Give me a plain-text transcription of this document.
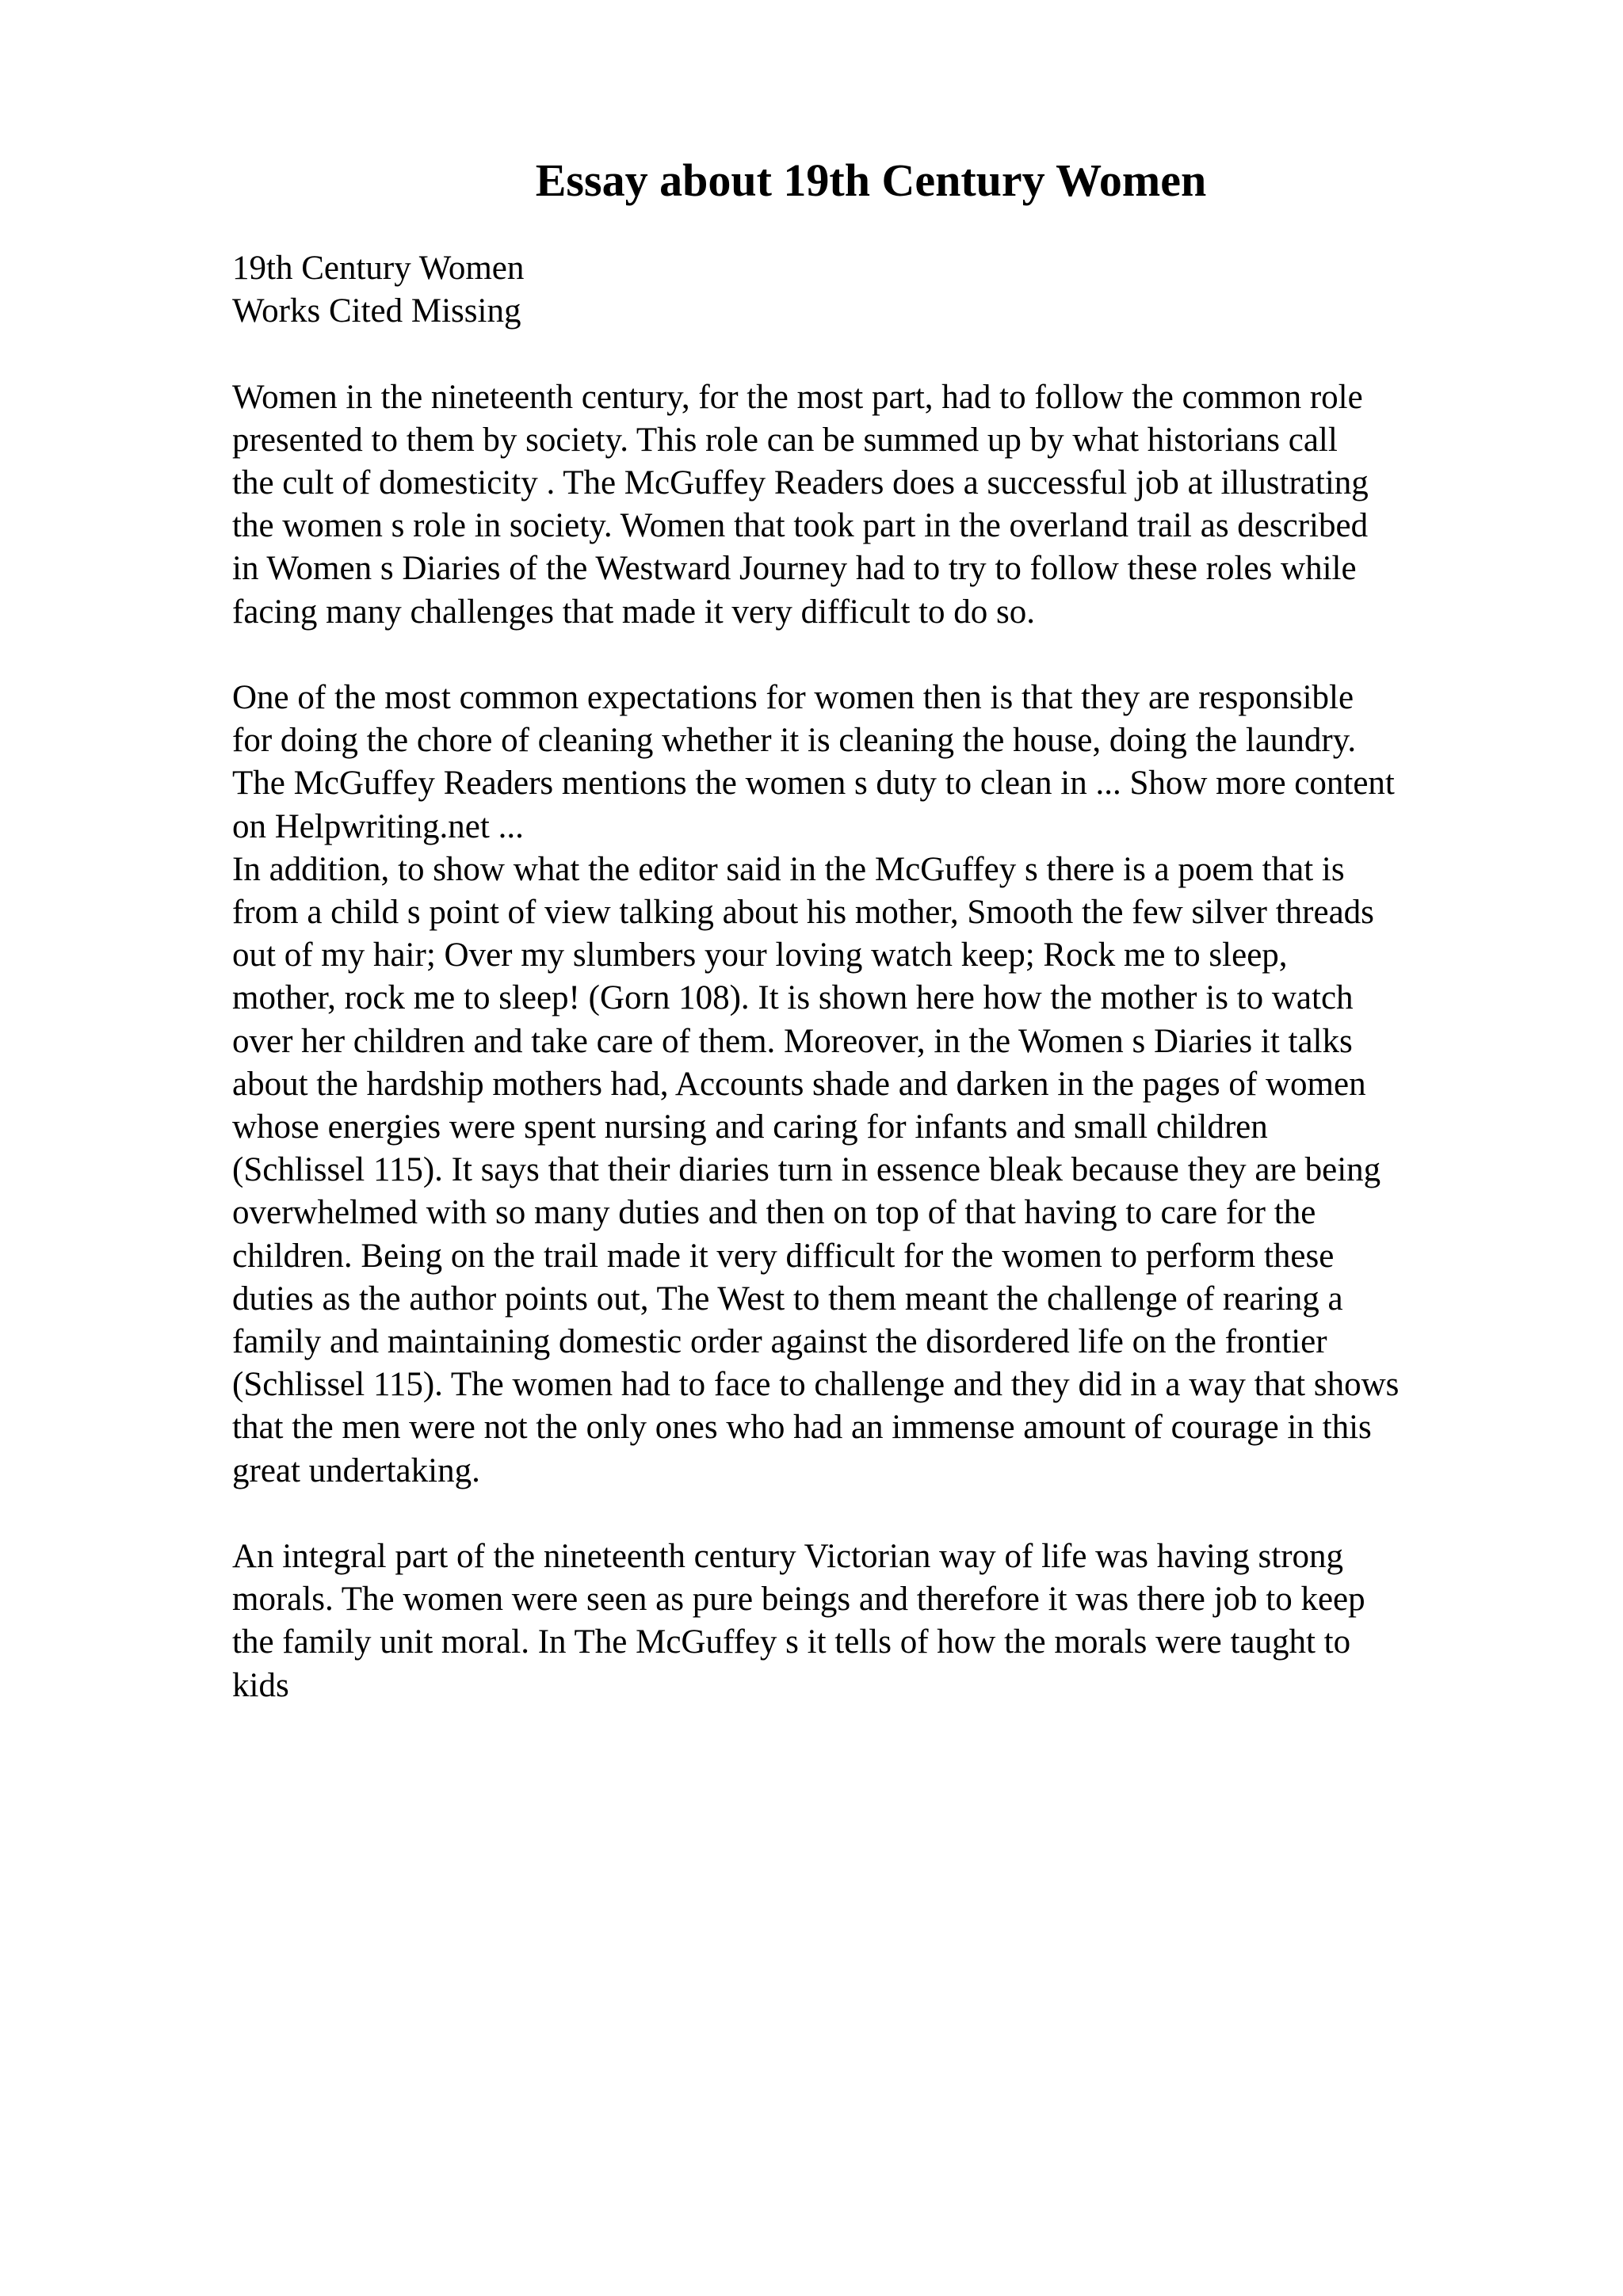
Essay about 19th Century Women
19th Century Women
Works Cited Missing
Women in the nineteenth century, for the most part, had to follow the common role
presented to them by society. This role can be summed up by what historians call
the cult of domesticity . The McGuffey Readers does a successful job at illustrating
the women s role in society. Women that took part in the overland trail as described
in Women s Diaries of the Westward Journey had to try to follow these roles while
facing many challenges that made it very difficult to do so.
One of the most common expectations for women then is that they are responsible
for doing the chore of cleaning whether it is cleaning the house, doing the laundry.
The McGuffey Readers mentions the women s duty to clean in ... Show more content
on Helpwriting.net ...
In addition, to show what the editor said in the McGuffey s there is a poem that is
from a child s point of view talking about his mother, Smooth the few silver threads
out of my hair; Over my slumbers your loving watch keep; Rock me to sleep,
mother, rock me to sleep! (Gorn 108). It is shown here how the mother is to watch
over her children and take care of them. Moreover, in the Women s Diaries it talks
about the hardship mothers had, Accounts shade and darken in the pages of women
whose energies were spent nursing and caring for infants and small children
(Schlissel 115). It says that their diaries turn in essence bleak because they are being
overwhelmed with so many duties and then on top of that having to care for the
children. Being on the trail made it very difficult for the women to perform these
duties as the author points out, The West to them meant the challenge of rearing a
family and maintaining domestic order against the disordered life on the frontier
(Schlissel 115). The women had to face to challenge and they did in a way that shows
that the men were not the only ones who had an immense amount of courage in this
great undertaking.
An integral part of the nineteenth century Victorian way of life was having strong
morals. The women were seen as pure beings and therefore it was there job to keep
the family unit moral. In The McGuffey s it tells of how the morals were taught to
kids
